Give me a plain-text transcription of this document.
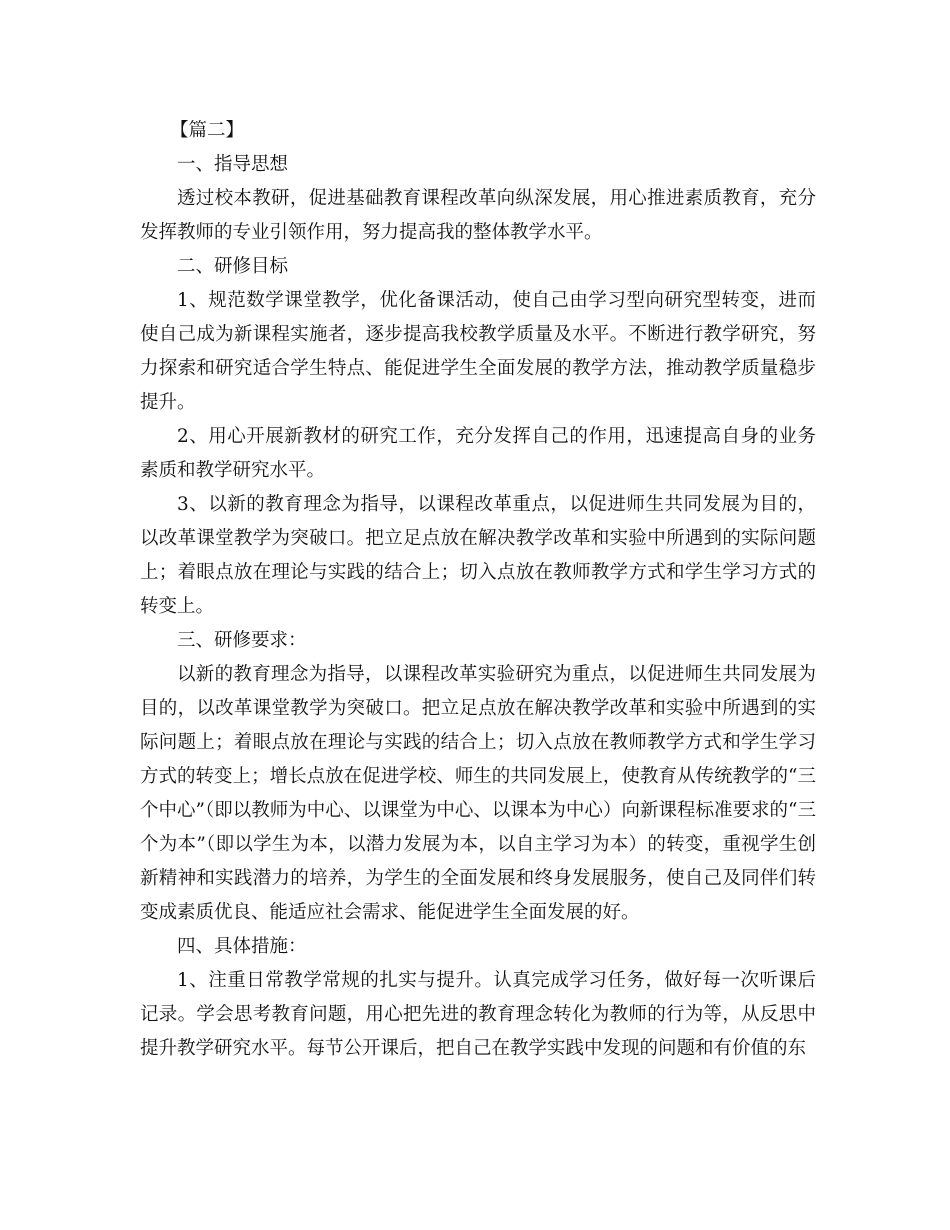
【篇二】

一、指导思想

透过校本教研，促进基础教育课程改革向纵深发展，用心推进素质教育，充分发挥教师的专业引领作用，努力提高我的整体教学水平。

二、研修目标

1、规范数学课堂教学，优化备课活动，使自己由学习型向研究型转变，进而使自己成为新课程实施者，逐步提高我校教学质量及水平。不断进行教学研究，努力探索和研究适合学生特点、能促进学生全面发展的教学方法，推动教学质量稳步提升。

2、用心开展新教材的研究工作，充分发挥自己的作用，迅速提高自身的业务素质和教学研究水平。

3、以新的教育理念为指导，以课程改革重点，以促进师生共同发展为目的，以改革课堂教学为突破口。把立足点放在解决教学改革和实验中所遇到的实际问题上；着眼点放在理论与实践的结合上；切入点放在教师教学方式和学生学习方式的转变上。

三、研修要求：

以新的教育理念为指导，以课程改革实验研究为重点，以促进师生共同发展为目的，以改革课堂教学为突破口。把立足点放在解决教学改革和实验中所遇到的实际问题上；着眼点放在理论与实践的结合上；切入点放在教师教学方式和学生学习方式的转变上；增长点放在促进学校、师生的共同发展上，使教育从传统教学的“三个中心”（即以教师为中心、以课堂为中心、以课本为中心）向新课程标准要求的“三个为本”（即以学生为本，以潜力发展为本，以自主学习为本）的转变，重视学生创新精神和实践潜力的培养，为学生的全面发展和终身发展服务，使自己及同伴们转变成素质优良、能适应社会需求、能促进学生全面发展的好。

四、具体措施：

1、注重日常教学常规的扎实与提升。认真完成学习任务，做好每一次听课后记录。学会思考教育问题，用心把先进的教育理念转化为教师的行为等，从反思中提升教学研究水平。每节公开课后，把自己在教学实践中发现的问题和有价值的东
